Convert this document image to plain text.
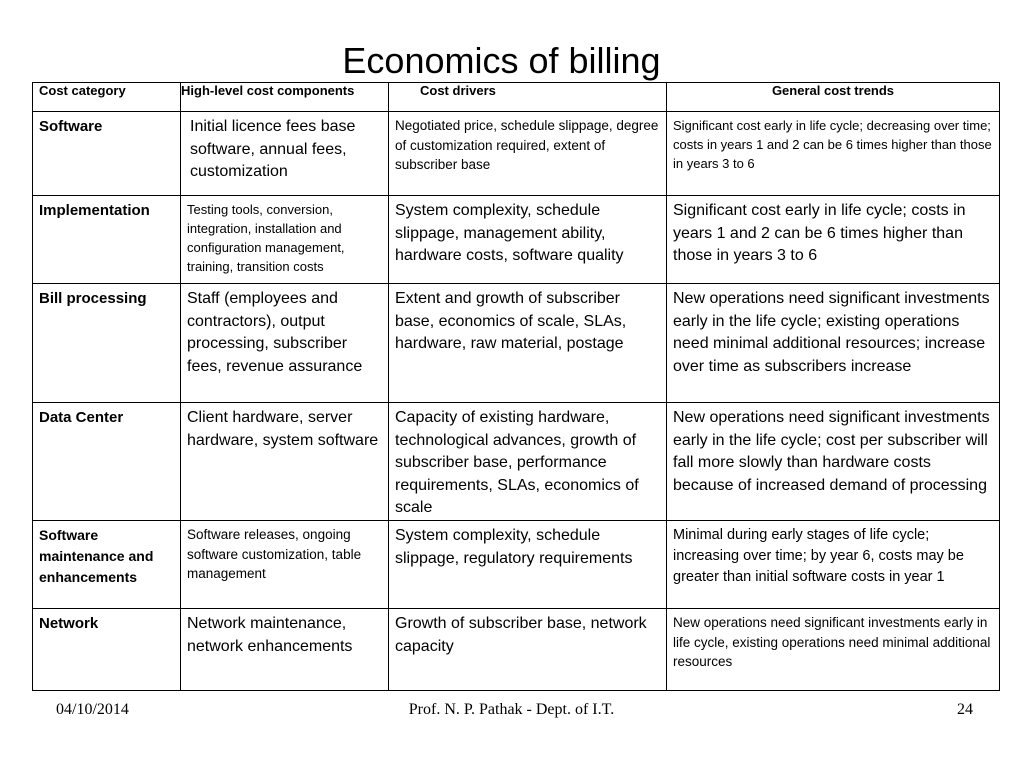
Economics of billing
Cost category	High-level cost components	Cost drivers	General cost trends
Software	Initial licence fees base software, annual fees, customization	Negotiated price, schedule slippage, degree of customization required, extent of subscriber base	Significant cost early in life cycle; decreasing over time; costs in years 1 and 2 can be 6 times higher than those in years 3 to 6
Implementation	Testing tools, conversion, integration, installation and configuration management, training, transition costs	System complexity, schedule slippage, management ability, hardware costs, software quality	Significant cost early in life cycle; costs in years 1 and 2 can be 6 times higher than those in years 3 to 6
Bill processing	Staff (employees and contractors), output processing, subscriber fees, revenue assurance	Extent and growth of subscriber base, economics of scale, SLAs, hardware, raw material, postage	New operations need significant investments early in the life cycle; existing operations need minimal additional resources; increase over time as subscribers increase
Data Center	Client hardware, server hardware, system software	Capacity of existing hardware, technological advances, growth of subscriber base, performance requirements, SLAs, economics of scale	New operations need significant investments early in the life cycle; cost per subscriber will fall more slowly than hardware costs because of increased demand of processing
Software maintenance and enhancements	Software releases, ongoing software customization, table management	System complexity, schedule slippage, regulatory requirements	Minimal during early stages of life cycle; increasing over time; by year 6, costs may be greater than initial software costs in year 1
Network	Network maintenance, network enhancements	Growth of subscriber base, network capacity	New operations need significant investments early in life cycle, existing operations need minimal additional resources
04/10/2014	Prof. N. P. Pathak - Dept. of I.T.	24
